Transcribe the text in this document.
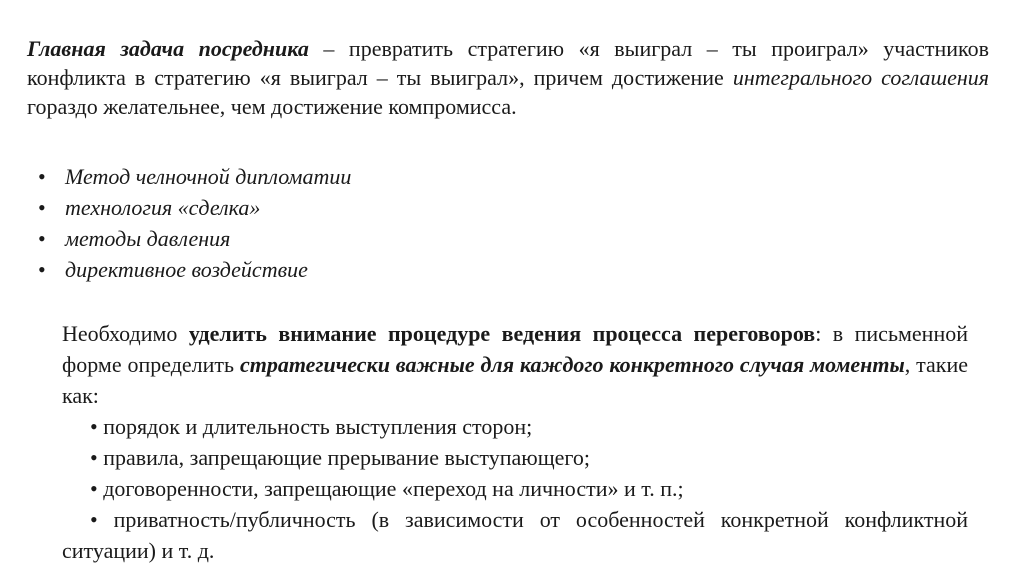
Главная задача посредника – превратить стратегию «я выиграл – ты проиграл» участников конфликта в стратегию «я выиграл – ты выиграл», причем достижение интегрального соглашения гораздо желательнее, чем достижение компромисса.
• Метод челночной дипломатии
• технология «сделка»
• методы давления
• директивное воздействие
Необходимо уделить внимание процедуре ведения процесса переговоров: в письменной форме определить стратегически важные для каждого конкретного случая моменты, такие как:
• порядок и длительность выступления сторон;
• правила, запрещающие прерывание выступающего;
• договоренности, запрещающие «переход на личности» и т. п.;
• приватность/публичность (в зависимости от особенностей конкретной конфликтной ситуации) и т. д.
